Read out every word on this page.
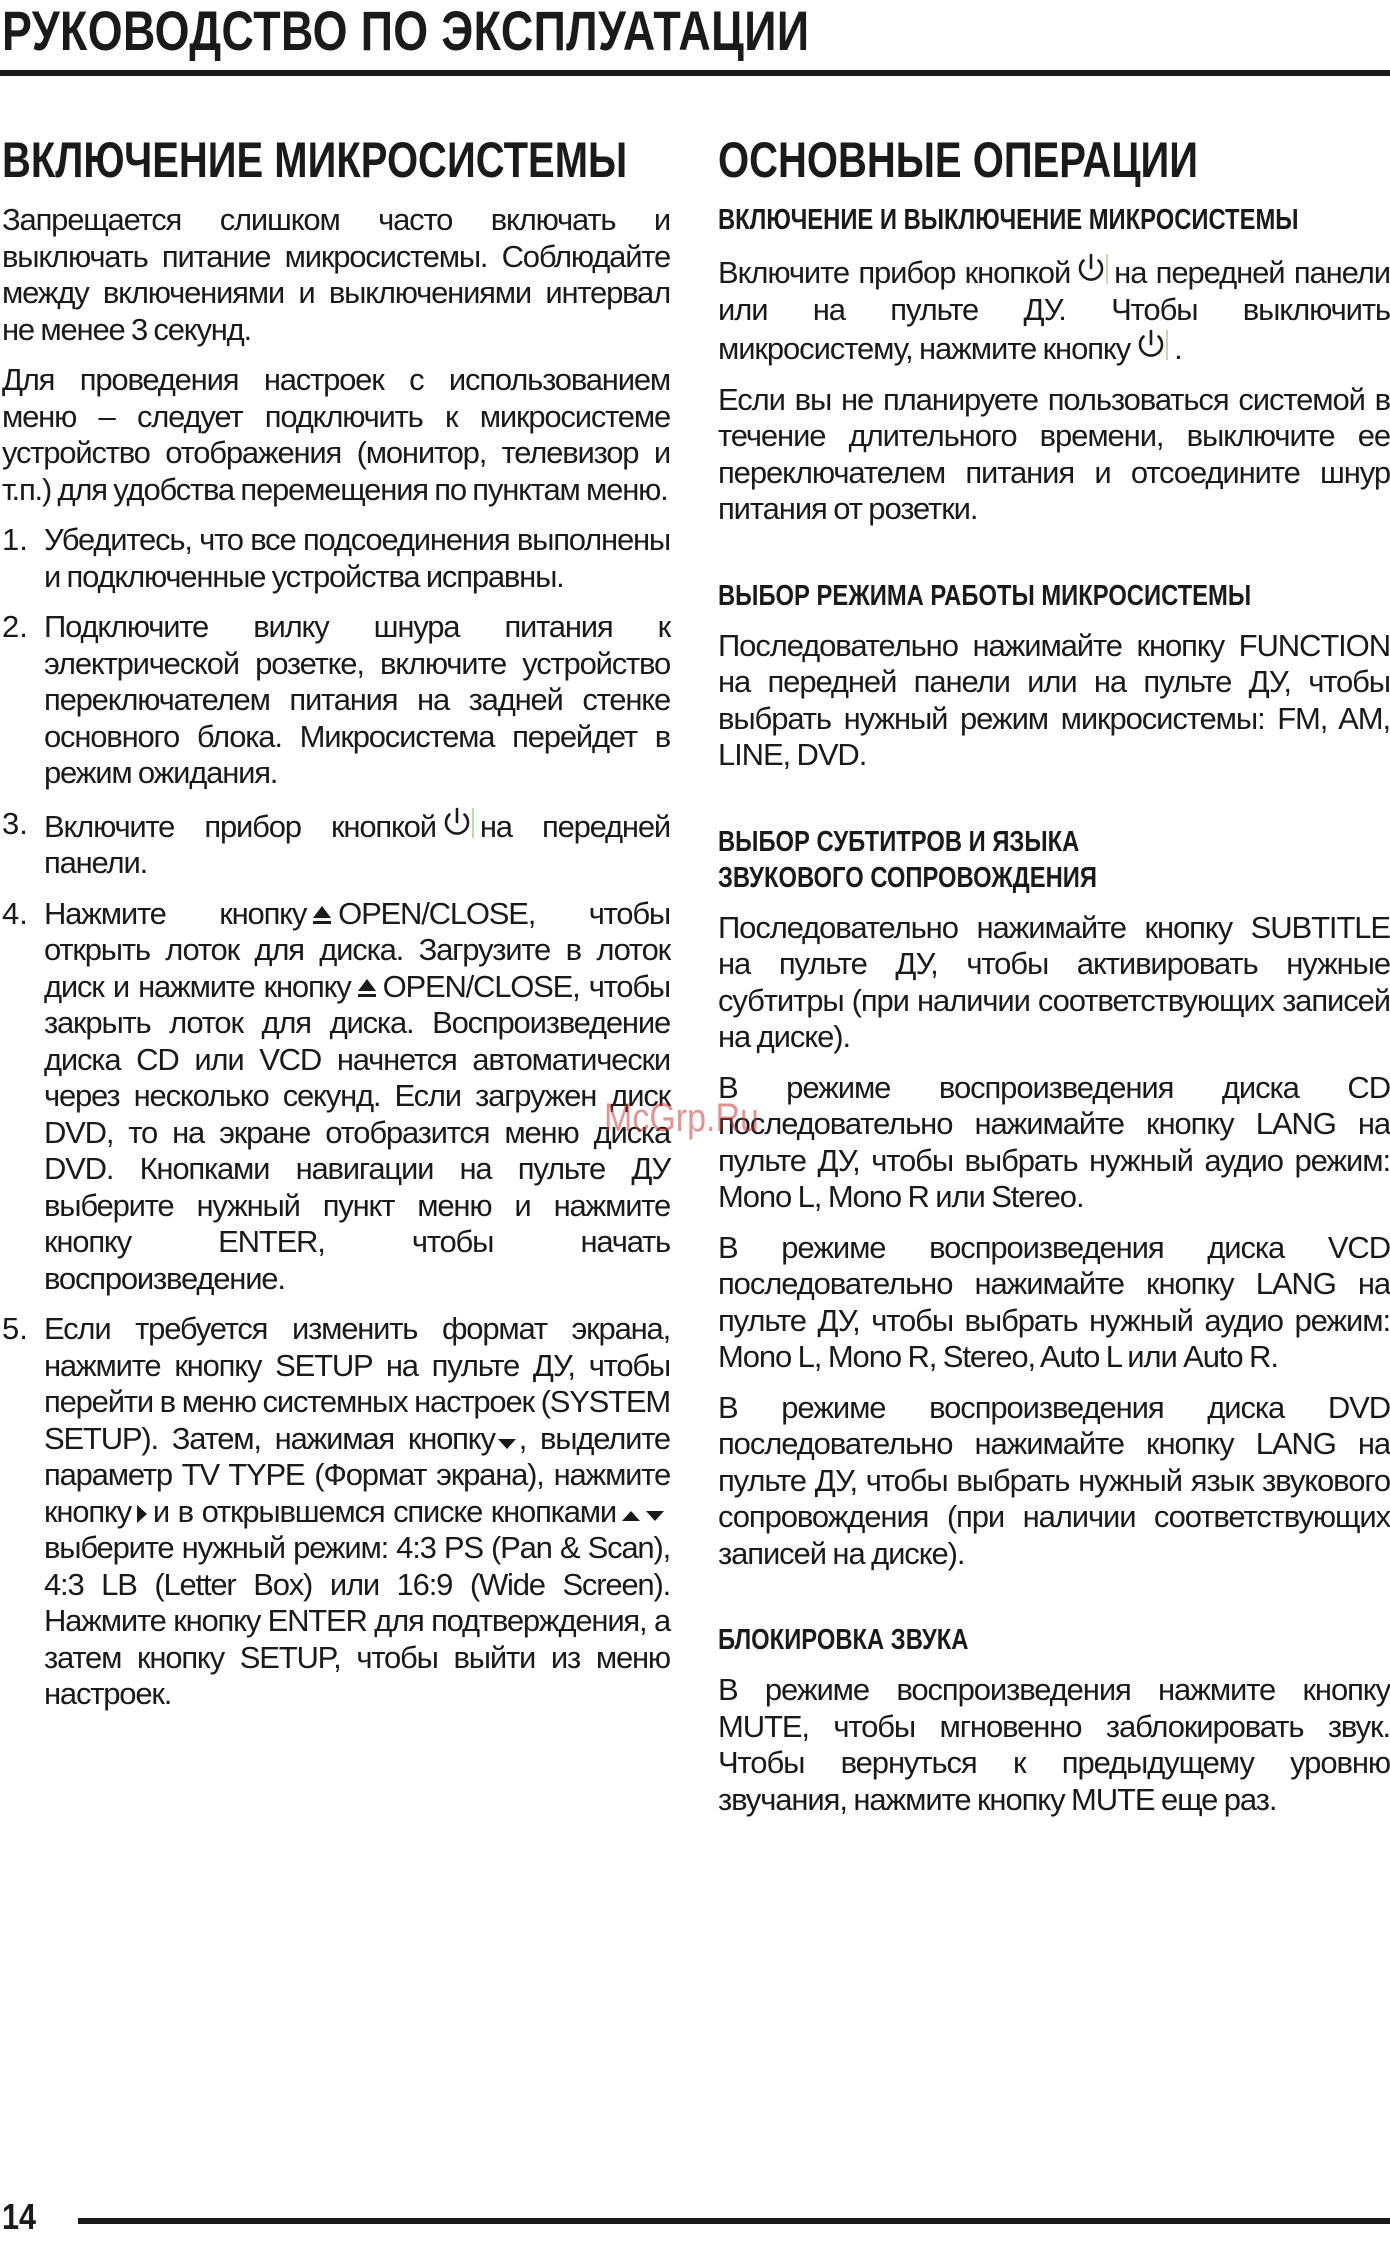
РУКОВОДСТВО ПО ЭКСПЛУАТАЦИИ
ВКЛЮЧЕНИЕ МИКРОСИСТЕМЫ

Запрещается слишком часто включать и выключать питание микросистемы. Соблюдайте между включениями и выключениями интервал не менее 3 секунд.

Для проведения настроек с использованием меню – следует подключить к микросистеме устройство отображения (монитор, телевизор и т.п.) для удобства перемещения по пунктам меню.

1. Убедитесь, что все подсоединения выполнены и подключенные устройства исправны.

2. Подключите вилку шнура питания к электрической розетке, включите устройство переключателем питания на задней стенке основного блока. Микросистема перейдет в режим ожидания.

3. Включите прибор кнопкой на передней панели.

4. Нажмите кнопку OPEN/CLOSE, чтобы открыть лоток для диска. Загрузите в лоток диск и нажмите кнопку OPEN/CLOSE, чтобы закрыть лоток для диска. Воспроизведение диска CD или VCD начнется автоматически через несколько секунд. Если загружен диск DVD, то на экране отобразится меню диска DVD. Кнопками навигации на пульте ДУ выберите нужный пункт меню и нажмите кнопку ENTER, чтобы начать воспроизведение.

5. Если требуется изменить формат экрана, нажмите кнопку SETUP на пульте ДУ, чтобы перейти в меню системных настроек (SYSTEM SETUP). Затем, нажимая кнопку , выделите параметр TV TYPE (Формат экрана), нажмите кнопку и в открывшемся списке кнопками
выберите нужный режим: 4:3 PS (Pan & Scan), 4:3 LB (Letter Box) или 16:9 (Wide Screen). Нажмите кнопку ENTER для подтверждения, а затем кнопку SETUP, чтобы выйти из меню настроек.

ОСНОВНЫЕ ОПЕРАЦИИ
ВКЛЮЧЕНИЕ И ВЫКЛЮЧЕНИЕ МИКРОСИСТЕМЫ

Включите прибор кнопкой на передней панели или на пульте ДУ. Чтобы выключить микросистему, нажмите кнопку .

Если вы не планируете пользоваться системой в течение длительного времени, выключите ее переключателем питания и отсоедините шнур питания от розетки.

ВЫБОР РЕЖИМА РАБОТЫ МИКРОСИСТЕМЫ

Последовательно нажимайте кнопку FUNCTION на передней панели или на пульте ДУ, чтобы выбрать нужный режим микросистемы: FM, AM, LINE, DVD.

ВЫБОР СУБТИТРОВ И ЯЗЫКА
ЗВУКОВОГО СОПРОВОЖДЕНИЯ

Последовательно нажимайте кнопку SUBTITLE на пульте ДУ, чтобы активировать нужные субтитры (при наличии соответствующих записей на диске).

В режиме воспроизведения диска CD последовательно нажимайте кнопку LANG на пульте ДУ, чтобы выбрать нужный аудио режим: Mono L, Mono R или Stereo.

В режиме воспроизведения диска VCD последовательно нажимайте кнопку LANG на пульте ДУ, чтобы выбрать нужный аудио режим: Mono L, Mono R, Stereo, Auto L или Auto R.

В режиме воспроизведения диска DVD последовательно нажимайте кнопку LANG на пульте ДУ, чтобы выбрать нужный язык звукового сопровождения (при наличии соответствующих записей на диске).

БЛОКИРОВКА ЗВУКА

В режиме воспроизведения нажмите кнопку MUTE, чтобы мгновенно заблокировать звук. Чтобы вернуться к предыдущему уровню звучания, нажмите кнопку MUTE еще раз.

McGrp.Ru
14
